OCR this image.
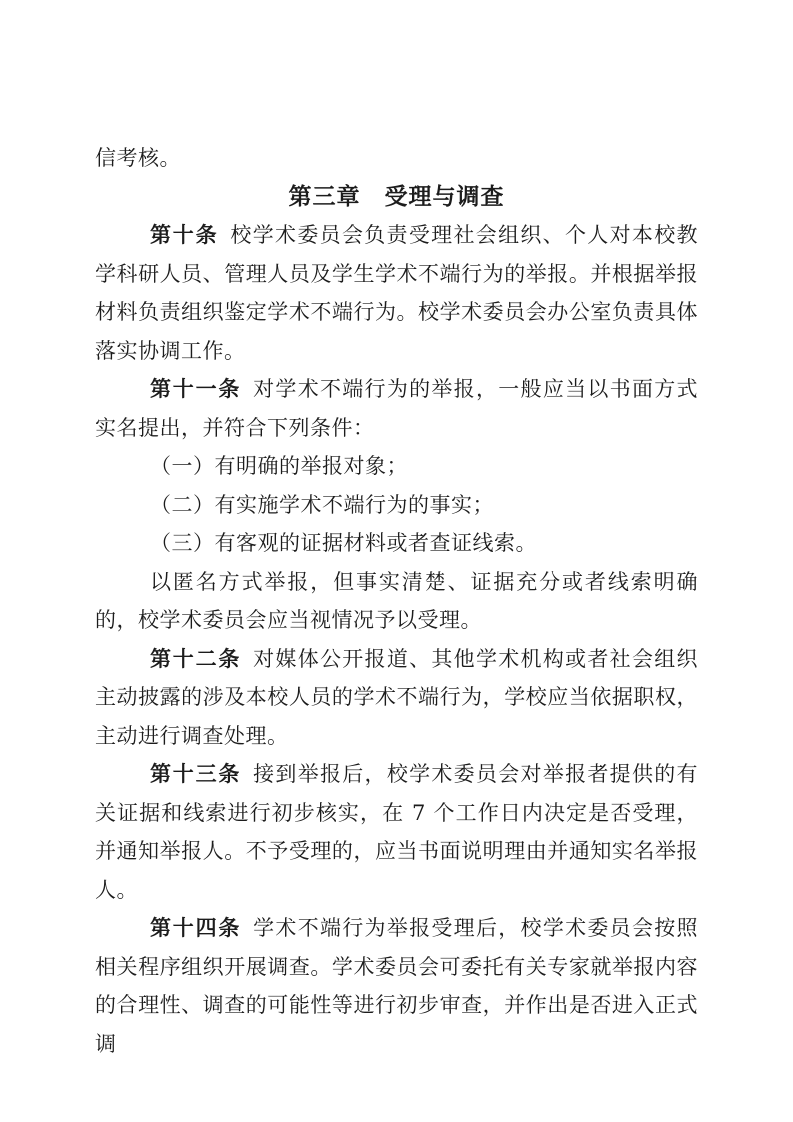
信考核。

第三章 受理与调查

第十条 校学术委员会负责受理社会组织、个人对本校教学科研人员、管理人员及学生学术不端行为的举报。并根据举报材料负责组织鉴定学术不端行为。校学术委员会办公室负责具体落实协调工作。

第十一条 对学术不端行为的举报，一般应当以书面方式实名提出，并符合下列条件：

（一）有明确的举报对象；

（二）有实施学术不端行为的事实；

（三）有客观的证据材料或者查证线索。

以匿名方式举报，但事实清楚、证据充分或者线索明确的，校学术委员会应当视情况予以受理。

第十二条 对媒体公开报道、其他学术机构或者社会组织主动披露的涉及本校人员的学术不端行为，学校应当依据职权，主动进行调查处理。

第十三条 接到举报后，校学术委员会对举报者提供的有关证据和线索进行初步核实，在 7 个工作日内决定是否受理，并通知举报人。不予受理的，应当书面说明理由并通知实名举报人。

第十四条 学术不端行为举报受理后，校学术委员会按照相关程序组织开展调查。学术委员会可委托有关专家就举报内容的合理性、调查的可能性等进行初步审查，并作出是否进入正式调
